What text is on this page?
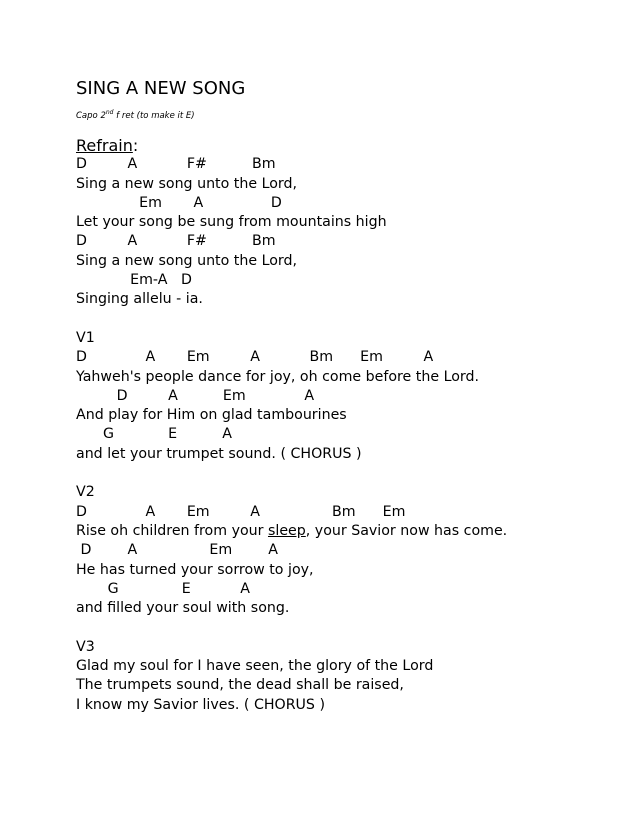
SING A NEW SONG
Capo 2nd f ret (to make it E)
Refrain:
D         A           F#          Bm
Sing a new song unto the Lord,
Em       A               D
Let your song be sung from mountains high
D         A           F#          Bm
Sing a new song unto the Lord,
Em-A   D
Singing allelu - ia.
V1
D             A       Em         A           Bm      Em         A
Yahweh's people dance for joy, oh come before the Lord.
D         A          Em             A
And play for Him on glad tambourines
G            E          A
and let your trumpet sound. ( CHORUS )
V2
D             A       Em         A                Bm      Em
Rise oh children from your sleep, your Savior now has come.
D        A                Em        A
He has turned your sorrow to joy,
G              E           A
and filled your soul with song.
V3
Glad my soul for I have seen, the glory of the Lord
The trumpets sound, the dead shall be raised,
I know my Savior lives. ( CHORUS )
